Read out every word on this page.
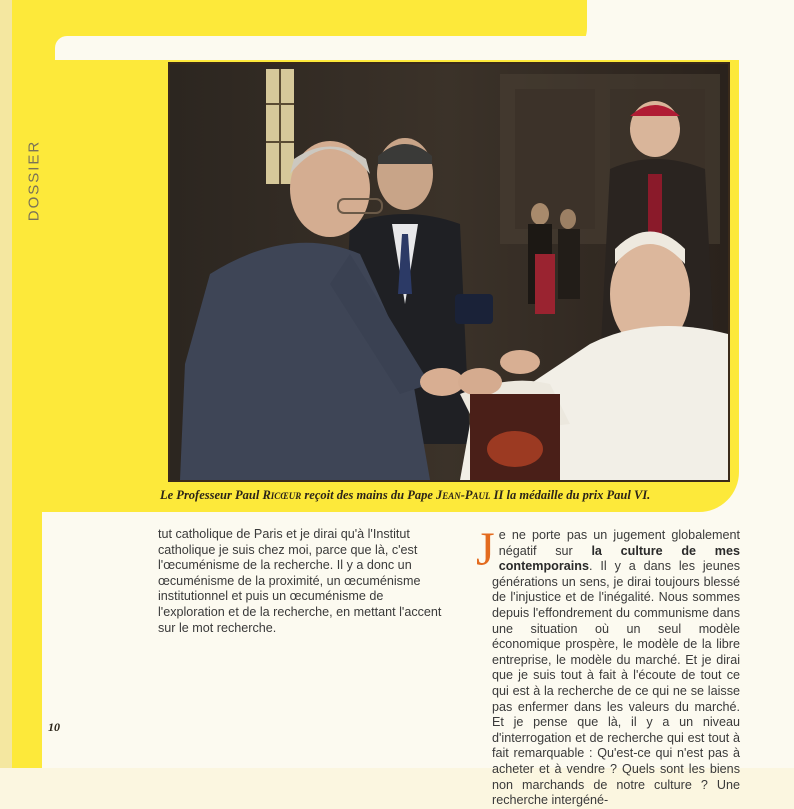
DOSSIER
Le Professeur Paul Ricœur reçoit des mains du Pape Jean-Paul II la médaille du prix Paul VI.

tut catholique de Paris et je dirai qu'à l'Institut catholique je suis chez moi, parce que là, c'est l'œcuménisme de la recherche. Il y a donc un œcuménisme de la proximité, un œcuménisme institutionnel et puis un œcuménisme de l'exploration et de la recherche, en mettant l'accent sur le mot recherche.

Je ne porte pas un jugement globalement négatif sur la culture de mes contemporains. Il y a dans les jeunes générations un sens, je dirai toujours blessé de l'injustice et de l'inégalité. Nous sommes depuis l'effondrement du communisme dans une situation où un seul modèle économique prospère, le modèle de la libre entreprise, le modèle du marché. Et je dirai que je suis tout à fait à l'écoute de tout ce qui est à la recherche de ce qui ne se laisse pas enfermer dans les valeurs du marché. Et je pense que là, il y a un niveau d'interrogation et de recherche qui est tout à fait remarquable : Qu'est-ce qui n'est pas à acheter et à vendre ? Quels sont les biens non marchands de notre culture ? Une recherche intergéné-

10
